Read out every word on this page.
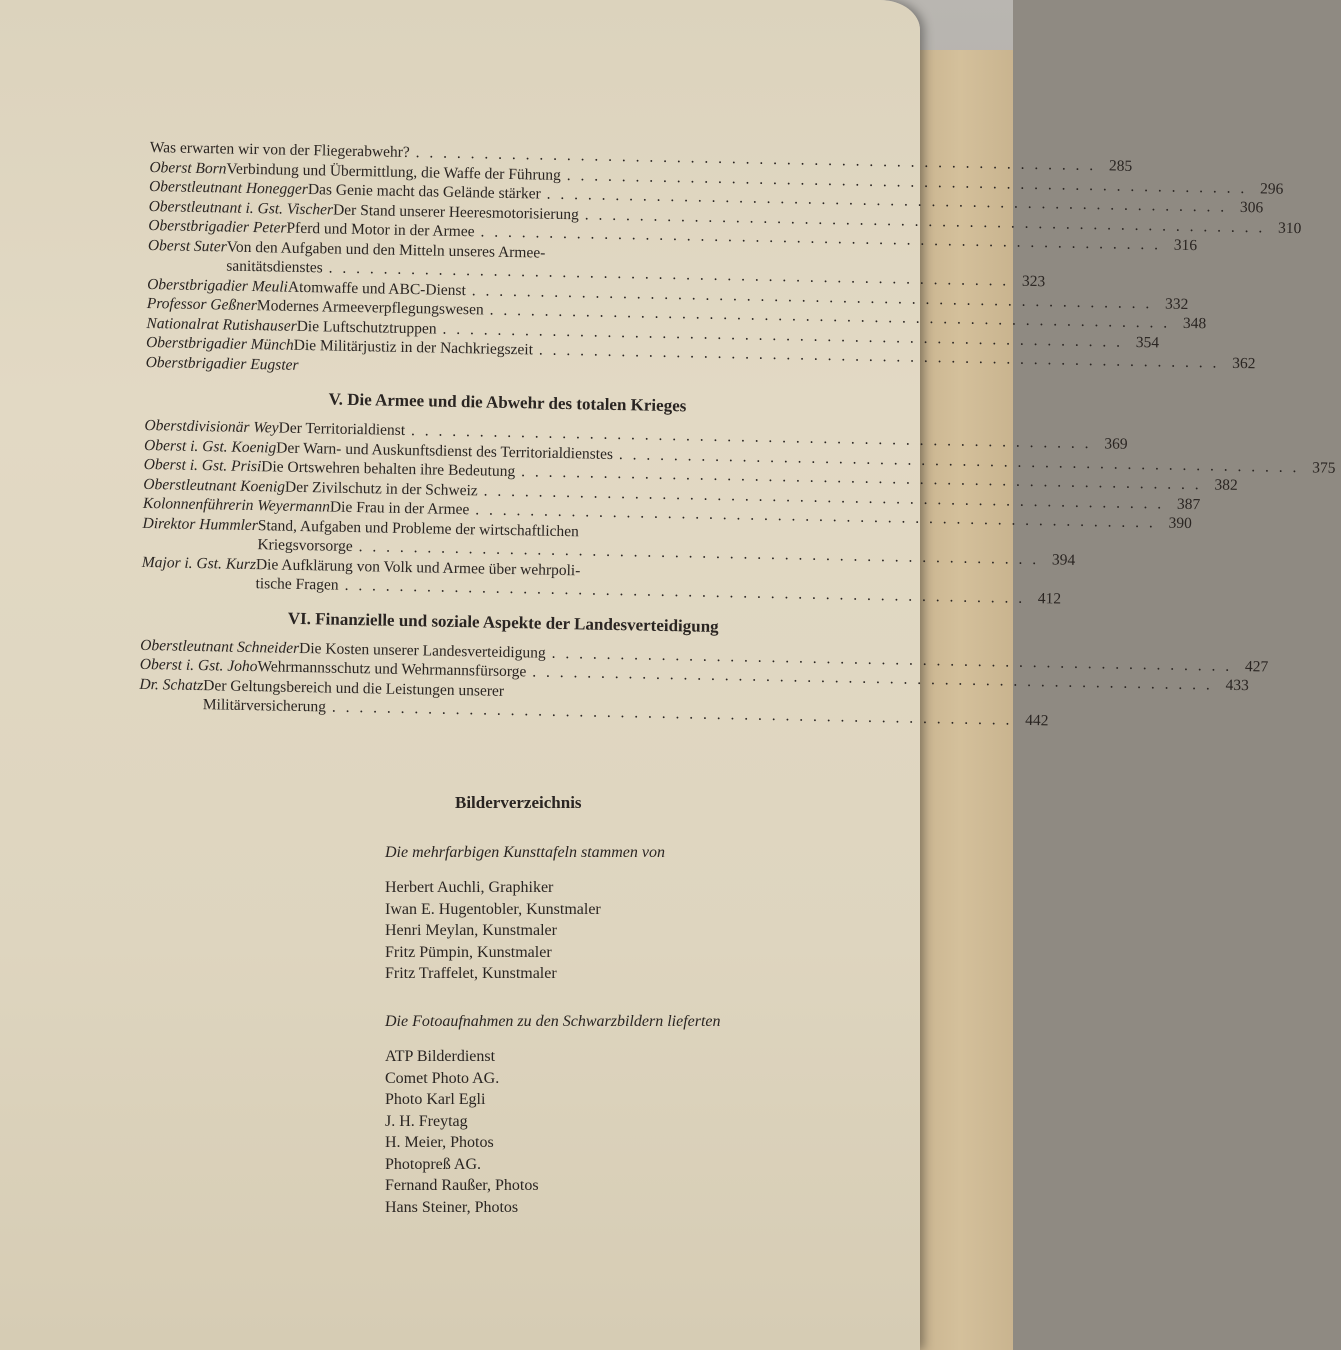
Was erwarten wir von der Fliegerabwehr?
. . .
285
Oberst Born Verbindung und Übermittlung, die Waffe der Führung
. . .
296
Oberstleutnant Honegger Das Genie macht das Gelände stärker
. . .
306
Oberstleutnant i. Gst. Vischer Der Stand unserer Heeresmotorisierung
. . .
310
Oberstbrigadier Peter Pferd und Motor in der Armee
. . .
316
Oberst Suter Von den Aufgaben und den Mitteln unseres Armee-
sanitätsdienstes
. . .
323
Oberstbrigadier Meuli Atomwaffe und ABC-Dienst
. . .
332
Professor Geßner Modernes Armeeverpflegungswesen
. . .
348
Nationalrat Rutishauser Die Luftschutztruppen
. . .
354
Oberstbrigadier Münch Die Militärjustiz in der Nachkriegszeit
. . .
362
Oberstbrigadier Eugster
V. Die Armee und die Abwehr des totalen Krieges
Oberstdivisionär Wey Der Territorialdienst
. . .
369
Oberst i. Gst. Koenig Der Warn- und Auskunftsdienst des Territorialdienstes
. . .
375
Oberst i. Gst. Prisi Die Ortswehren behalten ihre Bedeutung
. . .
382
Oberstleutnant Koenig Der Zivilschutz in der Schweiz
. . .
387
Kolonnenführerin Weyermann Die Frau in der Armee
. . .
390
Direktor Hummler Stand, Aufgaben und Probleme der wirtschaftlichen
Kriegsvorsorge
. . .
394
Major i. Gst. Kurz Die Aufklärung von Volk und Armee über wehrpoli-
tische Fragen
. . .
412
VI. Finanzielle und soziale Aspekte der Landesverteidigung
Oberstleutnant Schneider Die Kosten unserer Landesverteidigung
. . .
427
Oberst i. Gst. Joho Wehrmannsschutz und Wehrmannsfürsorge
. . .
433
Dr. Schatz Der Geltungsbereich und die Leistungen unserer
Militärversicherung
. . .
442
Bilderverzeichnis
Die mehrfarbigen Kunsttafeln stammen von
Herbert Auchli, Graphiker
Iwan E. Hugentobler, Kunstmaler
Henri Meylan, Kunstmaler
Fritz Pümpin, Kunstmaler
Fritz Traffelet, Kunstmaler
Die Fotoaufnahmen zu den Schwarzbildern lieferten
ATP Bilderdienst
Comet Photo AG.
Photo Karl Egli
J. H. Freytag
H. Meier, Photos
Photopreß AG.
Fernand Raußer, Photos
Hans Steiner, Photos
